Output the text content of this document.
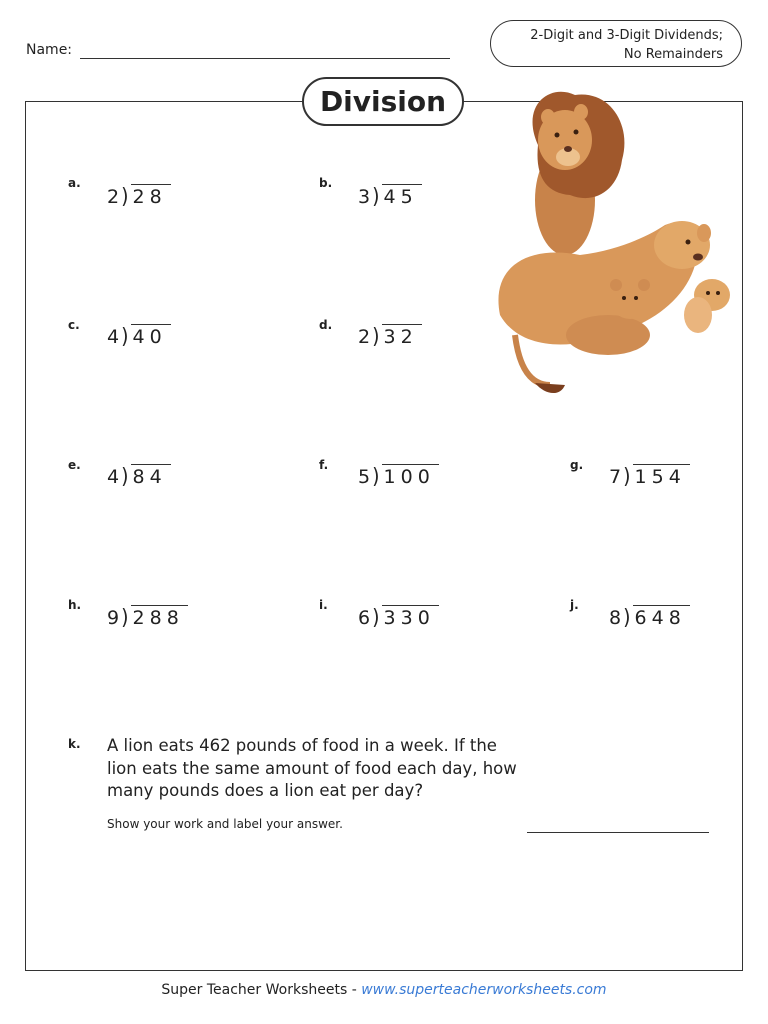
Name:
2-Digit and 3-Digit Dividends;
No Remainders
Division
a.
2 ) 28
b.
3 ) 45
c.
4 ) 40
d.
2 ) 32
e.
4 ) 84
f.
5 ) 100
g.
7 ) 154
h.
9 ) 288
i.
6 ) 330
j.
8 ) 648
k. A lion eats 462 pounds of food in a week. If the lion eats the same amount of food each day, how many pounds does a lion eat per day?
Show your work and label your answer.
Super Teacher Worksheets - www.superteacherworksheets.com
